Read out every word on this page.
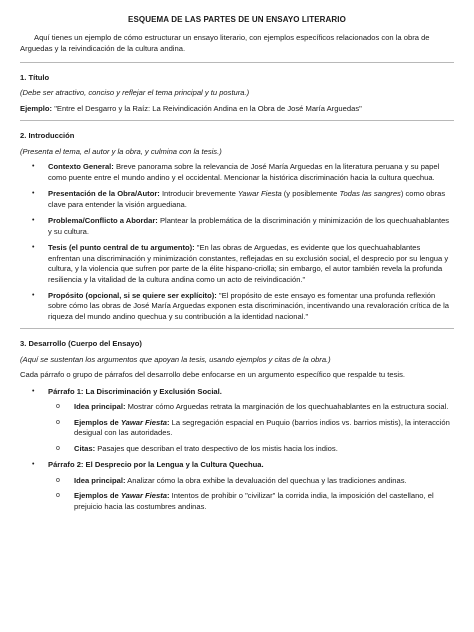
ESQUEMA DE LAS PARTES DE UN ENSAYO LITERARIO

Aquí tienes un ejemplo de cómo estructurar un ensayo literario, con ejemplos específicos relacionados con la obra de Arguedas y la reivindicación de la cultura andina.

1. Título

(Debe ser atractivo, conciso y reflejar el tema principal y tu postura.)

Ejemplo: "Entre el Desgarro y la Raíz: La Reivindicación Andina en la Obra de José María Arguedas"

2. Introducción

(Presenta el tema, el autor y la obra, y culmina con la tesis.)

• Contexto General: Breve panorama sobre la relevancia de José María Arguedas en la literatura peruana y su papel como puente entre el mundo andino y el occidental. Mencionar la histórica discriminación hacia la cultura quechua.
• Presentación de la Obra/Autor: Introducir brevemente Yawar Fiesta (y posiblemente Todas las sangres) como obras clave para entender la visión arguediana.
• Problema/Conflicto a Abordar: Plantear la problemática de la discriminación y minimización de los quechuahablantes y su cultura.
• Tesis (el punto central de tu argumento): "En las obras de Arguedas, es evidente que los quechuahablantes enfrentan una discriminación y minimización constantes, reflejadas en su exclusión social, el desprecio por su lengua y cultura, y la violencia que sufren por parte de la élite hispano-criolla; sin embargo, el autor también revela la profunda resiliencia y la vitalidad de la cultura andina como un acto de reivindicación."
• Propósito (opcional, si se quiere ser explícito): "El propósito de este ensayo es fomentar una profunda reflexión sobre cómo las obras de José María Arguedas exponen esta discriminación, incentivando una revaloración crítica de la riqueza del mundo andino quechua y su contribución a la identidad nacional."
3. Desarrollo (Cuerpo del Ensayo)

(Aquí se sustentan los argumentos que apoyan la tesis, usando ejemplos y citas de la obra.)

Cada párrafo o grupo de párrafos del desarrollo debe enfocarse en un argumento específico que respalde tu tesis.

• Párrafo 1: La Discriminación y Exclusión Social.
o Idea principal: Mostrar cómo Arguedas retrata la marginación de los quechuahablantes en la estructura social.
o Ejemplos de Yawar Fiesta: La segregación espacial en Puquio (barrios indios vs. barrios mistis), la interacción desigual con las autoridades.
o Citas: Pasajes que describan el trato despectivo de los mistis hacia los indios.
• Párrafo 2: El Desprecio por la Lengua y la Cultura Quechua.
o Idea principal: Analizar cómo la obra exhibe la devaluación del quechua y las tradiciones andinas.
o Ejemplos de Yawar Fiesta: Intentos de prohibir o "civilizar" la corrida india, la imposición del castellano, el prejuicio hacia las costumbres andinas.
